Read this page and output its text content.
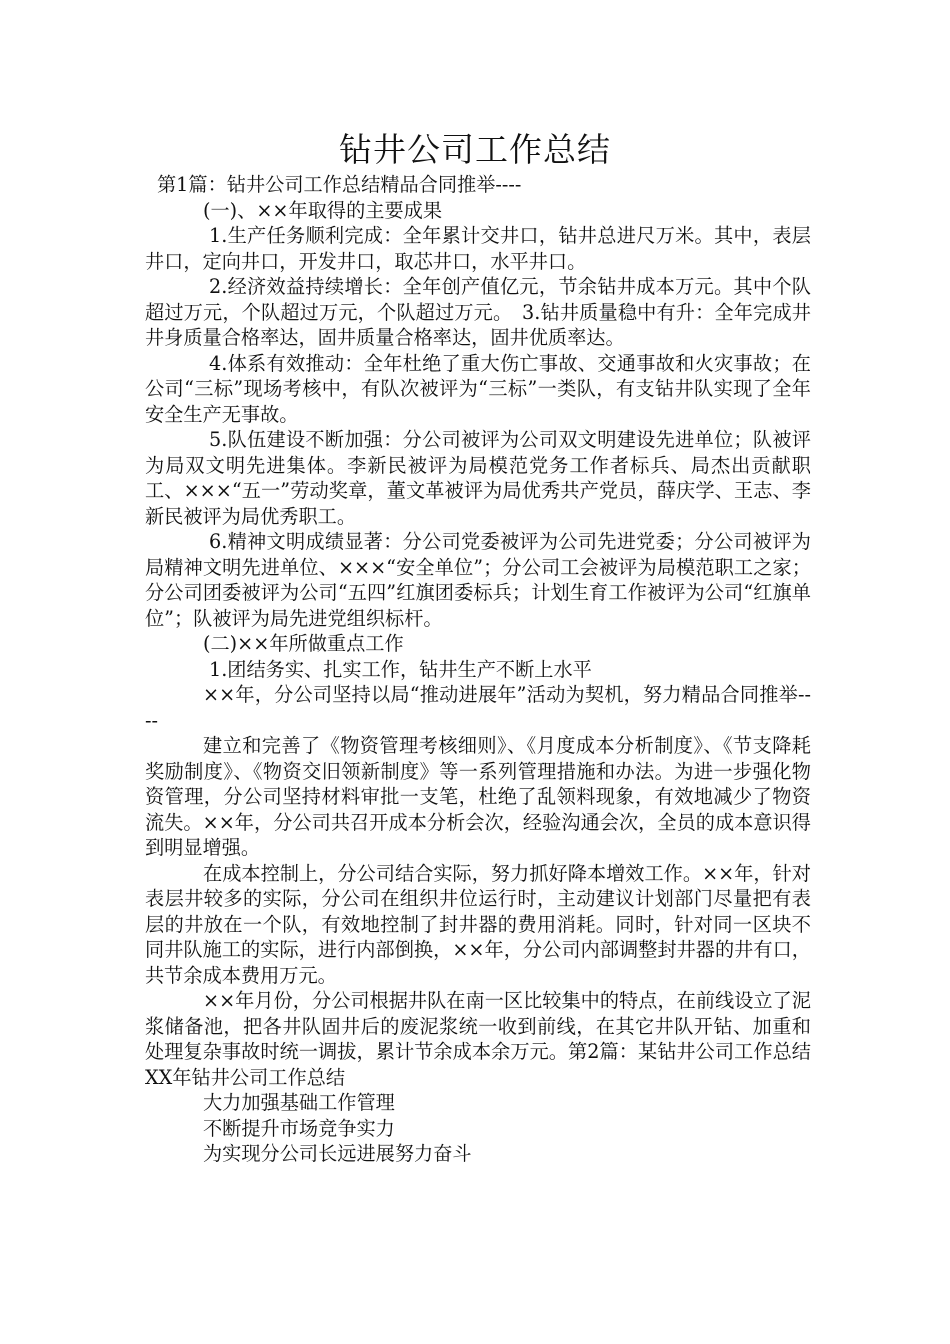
钻井公司工作总结

第1篇：钻井公司工作总结精品合同推举----

(一)、××年取得的主要成果

1.生产任务顺利完成：全年累计交井口，钻井总进尺万米。其中，表层井口，定向井口，开发井口，取芯井口，水平井口。

2.经济效益持续增长：全年创产值亿元，节余钻井成本万元。其中个队超过万元，个队超过万元，个队超过万元。　3.钻井质量稳中有升：全年完成井井身质量合格率达，固井质量合格率达，固井优质率达。

4.体系有效推动：全年杜绝了重大伤亡事故、交通事故和火灾事故；在公司“三标”现场考核中，有队次被评为“三标”一类队，有支钻井队实现了全年安全生产无事故。

5.队伍建设不断加强：分公司被评为公司双文明建设先进单位；队被评为局双文明先进集体。李新民被评为局模范党务工作者标兵、局杰出贡献职工、×××“五一”劳动奖章，董文革被评为局优秀共产党员，薛庆学、王志、李新民被评为局优秀职工。

6.精神文明成绩显著：分公司党委被评为公司先进党委；分公司被评为局精神文明先进单位、×××“安全单位”；分公司工会被评为局模范职工之家；分公司团委被评为公司“五四”红旗团委标兵；计划生育工作被评为公司“红旗单位”；队被评为局先进党组织标杆。

(二)××年所做重点工作

1.团结务实、扎实工作，钻井生产不断上水平

××年，分公司坚持以局“推动进展年”活动为契机，努力精品合同推举----

建立和完善了《物资管理考核细则》、《月度成本分析制度》、《节支降耗奖励制度》、《物资交旧领新制度》等一系列管理措施和办法。为进一步强化物资管理，分公司坚持材料审批一支笔，杜绝了乱领料现象，有效地减少了物资流失。××年，分公司共召开成本分析会次，经验沟通会次，全员的成本意识得到明显增强。

在成本控制上，分公司结合实际，努力抓好降本增效工作。××年，针对表层井较多的实际，分公司在组织井位运行时，主动建议计划部门尽量把有表层的井放在一个队，有效地控制了封井器的费用消耗。同时，针对同一区块不同井队施工的实际，进行内部倒换，××年，分公司内部调整封井器的井有口，共节余成本费用万元。

××年月份，分公司根据井队在南一区比较集中的特点，在前线设立了泥浆储备池，把各井队固井后的废泥浆统一收到前线，在其它井队开钻、加重和处理复杂事故时统一调拔，累计节余成本余万元。第2篇：某钻井公司工作总结XX年钻井公司工作总结

大力加强基础工作管理

不断提升市场竞争实力

为实现分公司长远进展努力奋斗
